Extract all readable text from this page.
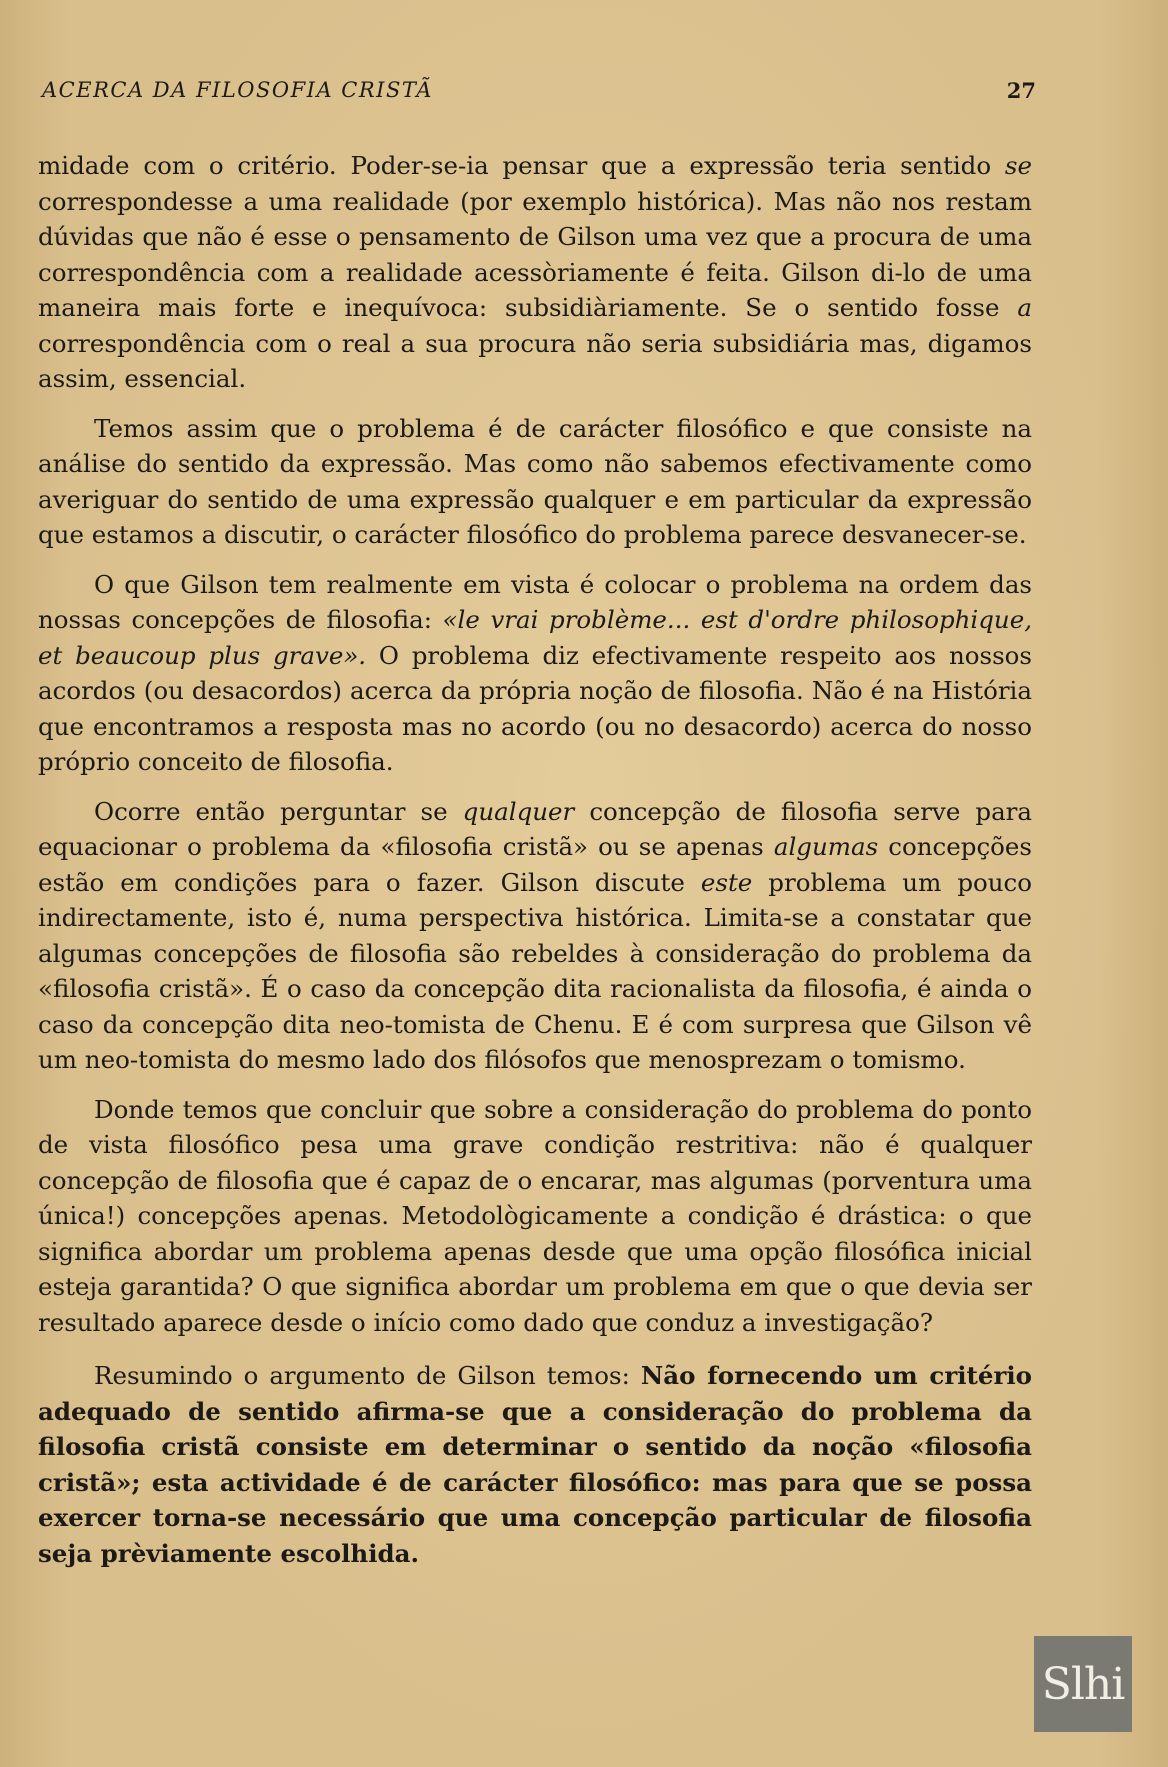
ACERCA DA FILOSOFIA CRISTÃ	27

midade com o critério. Poder-se-ia pensar que a expressão teria sentido se correspondesse a uma realidade (por exemplo histórica). Mas não nos restam dúvidas que não é esse o pensamento de Gilson uma vez que a procura de uma correspondência com a realidade acessòriamente é feita. Gilson di-lo de uma maneira mais forte e inequívoca: subsidiàriamente. Se o sentido fosse a correspondência com o real a sua procura não seria subsidiária mas, digamos assim, essencial.

Temos assim que o problema é de carácter filosófico e que consiste na análise do sentido da expressão. Mas como não sabemos efectivamente como averiguar do sentido de uma expressão qualquer e em particular da expressão que estamos a discutir, o carácter filosófico do problema parece desvanecer-se.

O que Gilson tem realmente em vista é colocar o problema na ordem das nossas concepções de filosofia: «le vrai problème... est d'ordre philosophique, et beaucoup plus grave». O problema diz efectivamente respeito aos nossos acordos (ou desacordos) acerca da própria noção de filosofia. Não é na História que encontramos a resposta mas no acordo (ou no desacordo) acerca do nosso próprio conceito de filosofia.

Ocorre então perguntar se qualquer concepção de filosofia serve para equacionar o problema da «filosofia cristã» ou se apenas algumas concepções estão em condições para o fazer. Gilson discute este problema um pouco indirectamente, isto é, numa perspectiva histórica. Limita-se a constatar que algumas concepções de filosofia são rebeldes à consideração do problema da «filosofia cristã». É o caso da concepção dita racionalista da filosofia, é ainda o caso da concepção dita neo-tomista de Chenu. E é com surpresa que Gilson vê um neo-tomista do mesmo lado dos filósofos que menosprezam o tomismo.

Donde temos que concluir que sobre a consideração do problema do ponto de vista filosófico pesa uma grave condição restritiva: não é qualquer concepção de filosofia que é capaz de o encarar, mas algumas (porventura uma única!) concepções apenas. Metodològicamente a condição é drástica: o que significa abordar um problema apenas desde que uma opção filosófica inicial esteja garantida? O que significa abordar um problema em que o que devia ser resultado aparece desde o início como dado que conduz a investigação?

Resumindo o argumento de Gilson temos: Não fornecendo um critério adequado de sentido afirma-se que a consideração do problema da filosofia cristã consiste em determinar o sentido da noção «filosofia cristã»; esta actividade é de carácter filosófico: mas para que se possa exercer torna-se necessário que uma concepção particular de filosofia seja prèviamente escolhida.

Slhi
